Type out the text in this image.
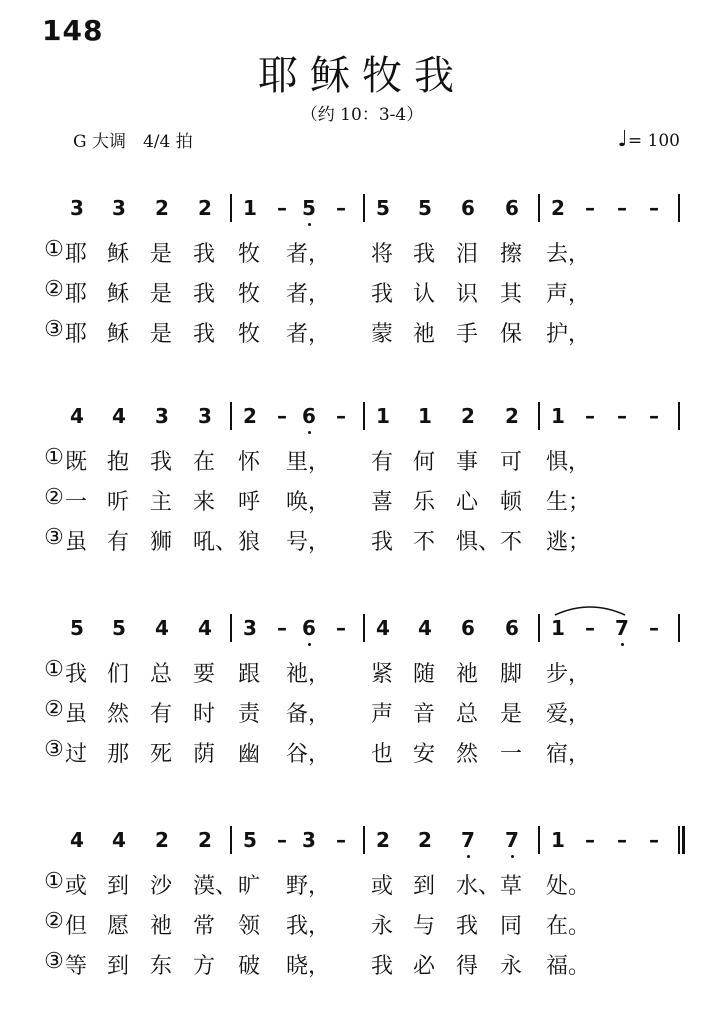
148
耶稣牧我
（约 10：3-4）
G 大调　4/4 拍	♩= 100
3 3 2 2 1 – 5 – 5 5 6 6 2 – – –
① 耶 稣 是 我 牧 者， 将 我 泪 擦 去，
② 耶 稣 是 我 牧 者， 我 认 识 其 声，
③ 耶 稣 是 我 牧 者， 蒙 祂 手 保 护，
4 4 3 3 2 – 6 – 1 1 2 2 1 – – –
① 既 抱 我 在 怀 里， 有 何 事 可 惧，
② 一 听 主 来 呼 唤， 喜 乐 心 顿 生；
③ 虽 有 狮 吼、 狼 号， 我 不 惧、 不 逃；
5 5 4 4 3 – 6 – 4 4 6 6 1 – 7 –
① 我 们 总 要 跟 祂， 紧 随 祂 脚 步，
② 虽 然 有 时 责 备， 声 音 总 是 爱，
③ 过 那 死 荫 幽 谷， 也 安 然 一 宿，
4 4 2 2 5 – 3 – 2 2 7 7 1 – – –
① 或 到 沙 漠、 旷 野， 或 到 水、 草 处。
② 但 愿 祂 常 领 我， 永 与 我 同 在。
③ 等 到 东 方 破 晓， 我 必 得 永 福。
